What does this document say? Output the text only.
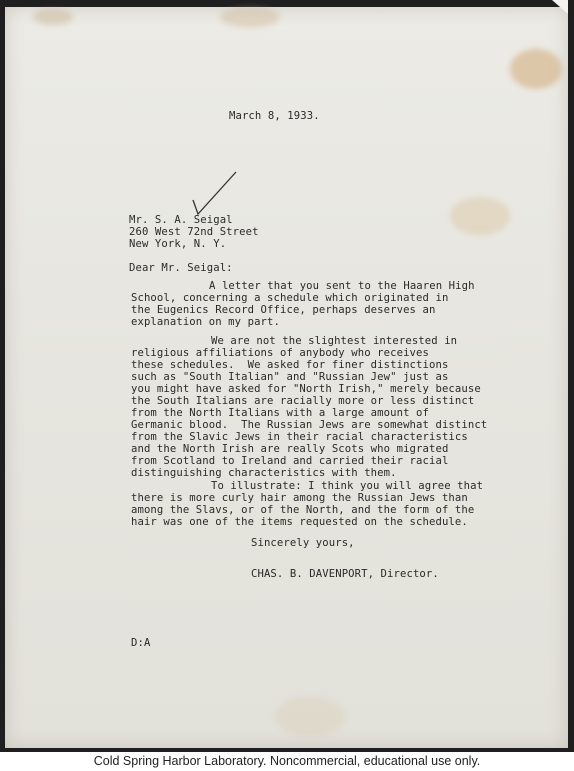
March 8, 1933.
Mr. S. A. Seigal
260 West 72nd Street
New York, N. Y.
Dear Mr. Seigal:
A letter that you sent to the Haaren High
School, concerning a schedule which originated in
the Eugenics Record Office, perhaps deserves an
explanation on my part.
We are not the slightest interested in
religious affiliations of anybody who receives
these schedules.  We asked for finer distinctions
such as "South Italian" and "Russian Jew" just as
you might have asked for "North Irish," merely because
the South Italians are racially more or less distinct
from the North Italians with a large amount of
Germanic blood.  The Russian Jews are somewhat distinct
from the Slavic Jews in their racial characteristics
and the North Irish are really Scots who migrated
from Scotland to Ireland and carried their racial
distinguishing characteristics with them.
To illustrate: I think you will agree that
there is more curly hair among the Russian Jews than
among the Slavs, or of the North, and the form of the
hair was one of the items requested on the schedule.
Sincerely yours,
CHAS. B. DAVENPORT, Director.
D:A
Cold Spring Harbor Laboratory. Noncommercial, educational use only.
